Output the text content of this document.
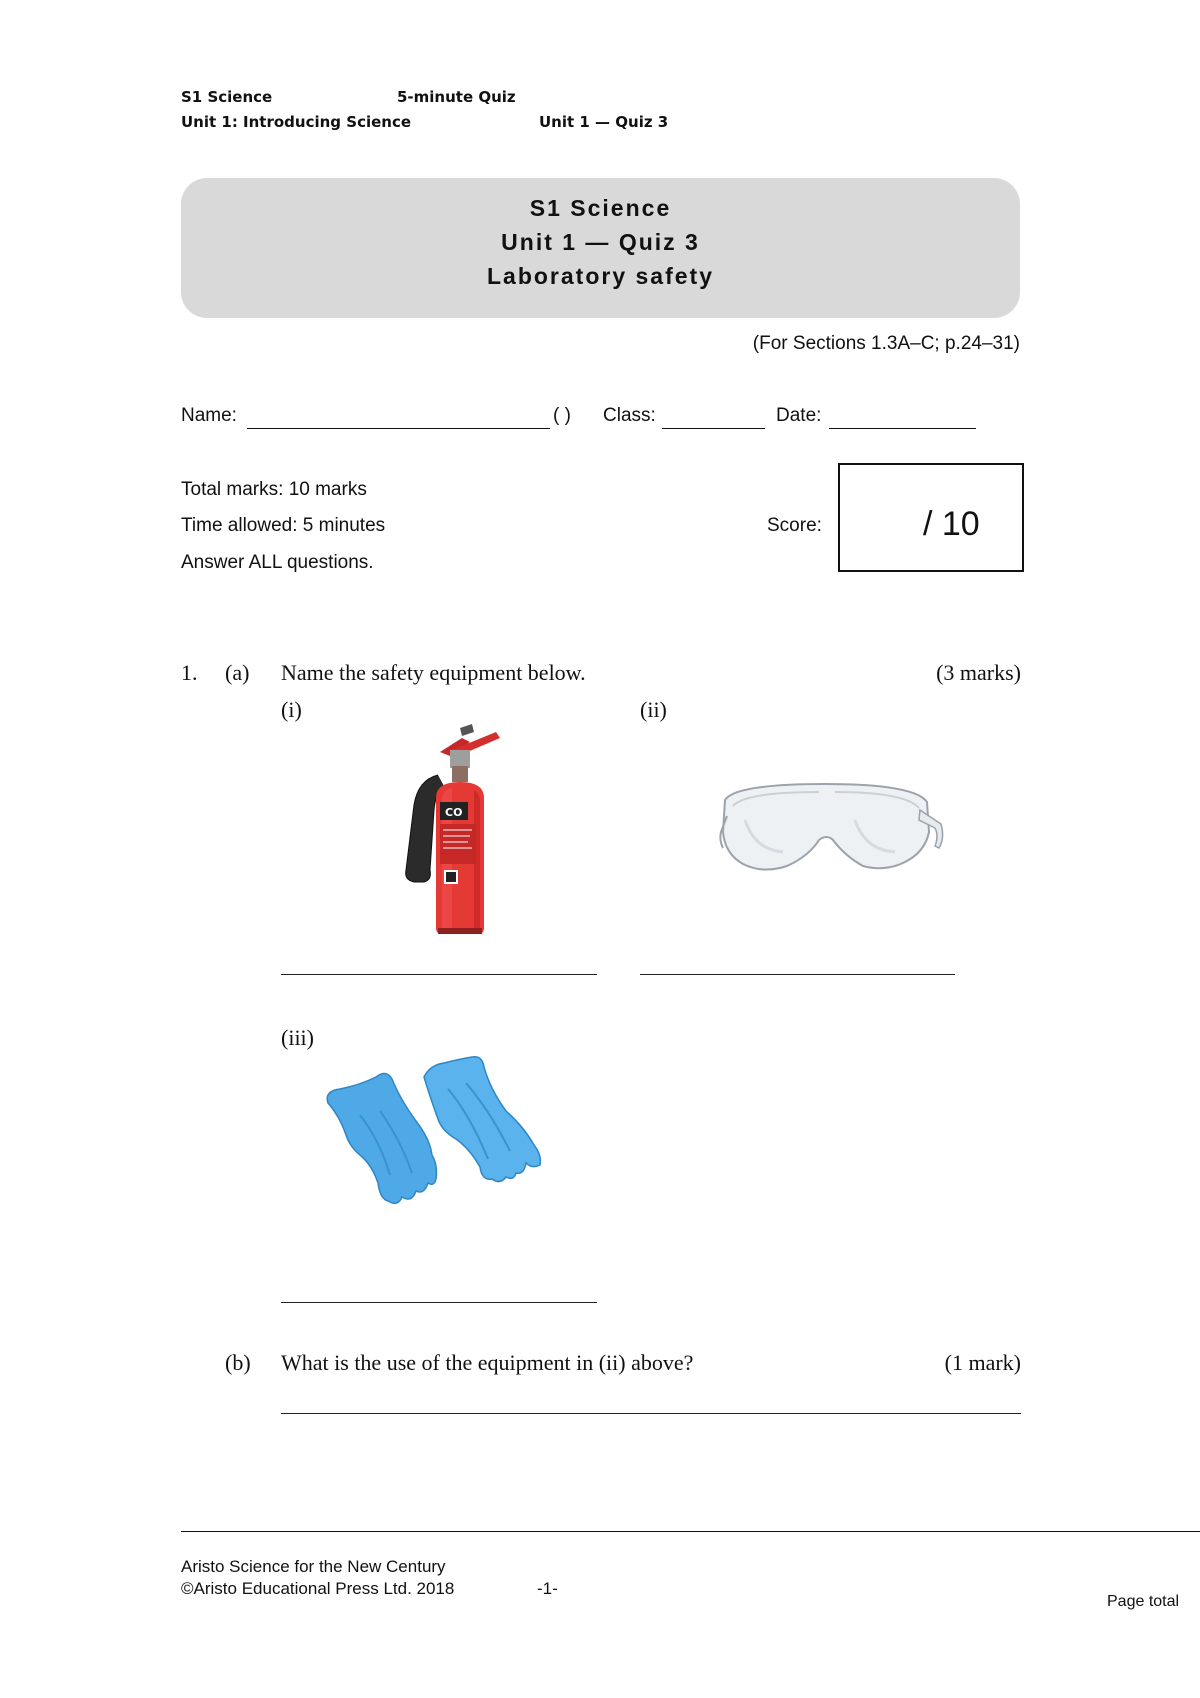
S1 Science	5-minute Quiz
Unit 1: Introducing Science	Unit 1 — Quiz 3
S1 Science
Unit 1 — Quiz 3
Laboratory safety
(For Sections 1.3A–C; p.24–31)
Name:	( ) Class:	Date:
Total marks: 10 marks
Time allowed: 5 minutes
Answer ALL questions.
Score:	/ 10
1. (a) Name the safety equipment below.	(3 marks)
(i)	(ii)
CO
(iii)
(b) What is the use of the equipment in (ii) above?	(1 mark)
Aristo Science for the New Century
©Aristo Educational Press Ltd. 2018	-1-
Page total
